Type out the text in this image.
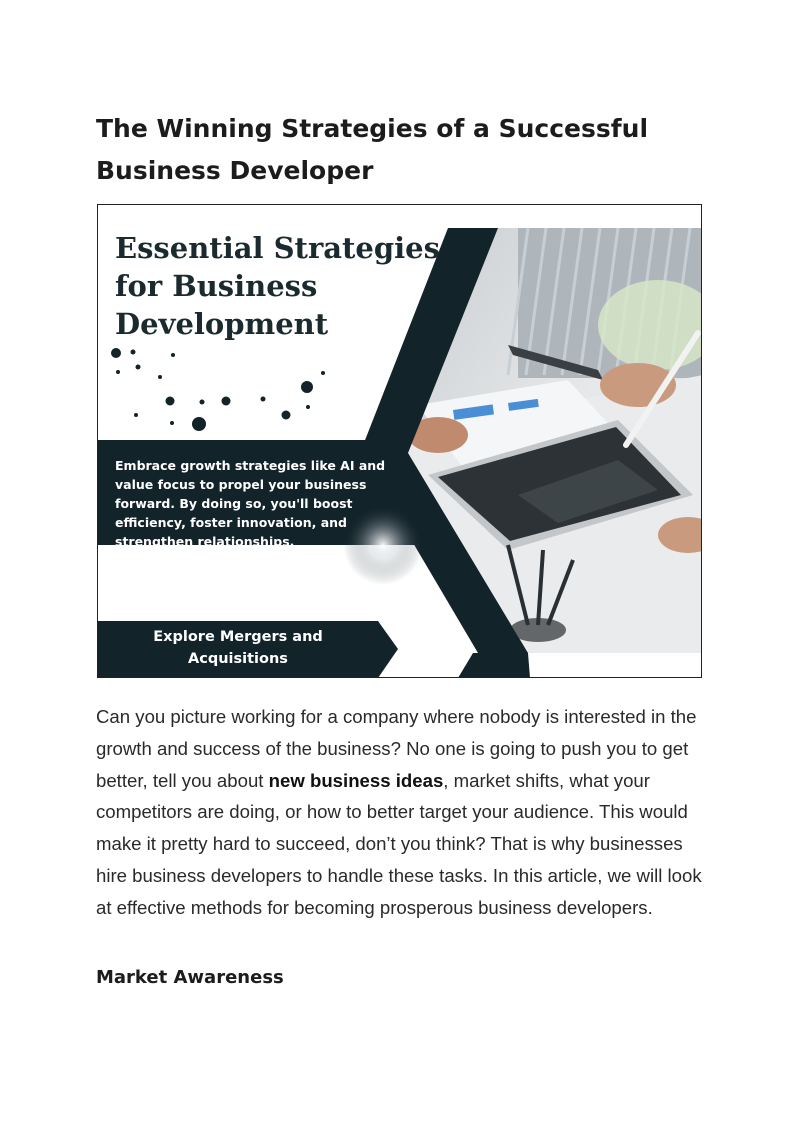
The Winning Strategies of a Successful Business Developer
Essential Strategies for Business Development
Embrace growth strategies like AI and value focus to propel your business forward. By doing so, you'll boost efficiency, foster innovation, and strengthen relationships.
Explore Mergers and Acquisitions

Can you picture working for a company where nobody is interested in the growth and success of the business? No one is going to push you to get better, tell you about new business ideas, market shifts, what your competitors are doing, or how to better target your audience. This would make it pretty hard to succeed, don’t you think? That is why businesses hire business developers to handle these tasks. In this article, we will look at effective methods for becoming prosperous business developers.

Market Awareness
